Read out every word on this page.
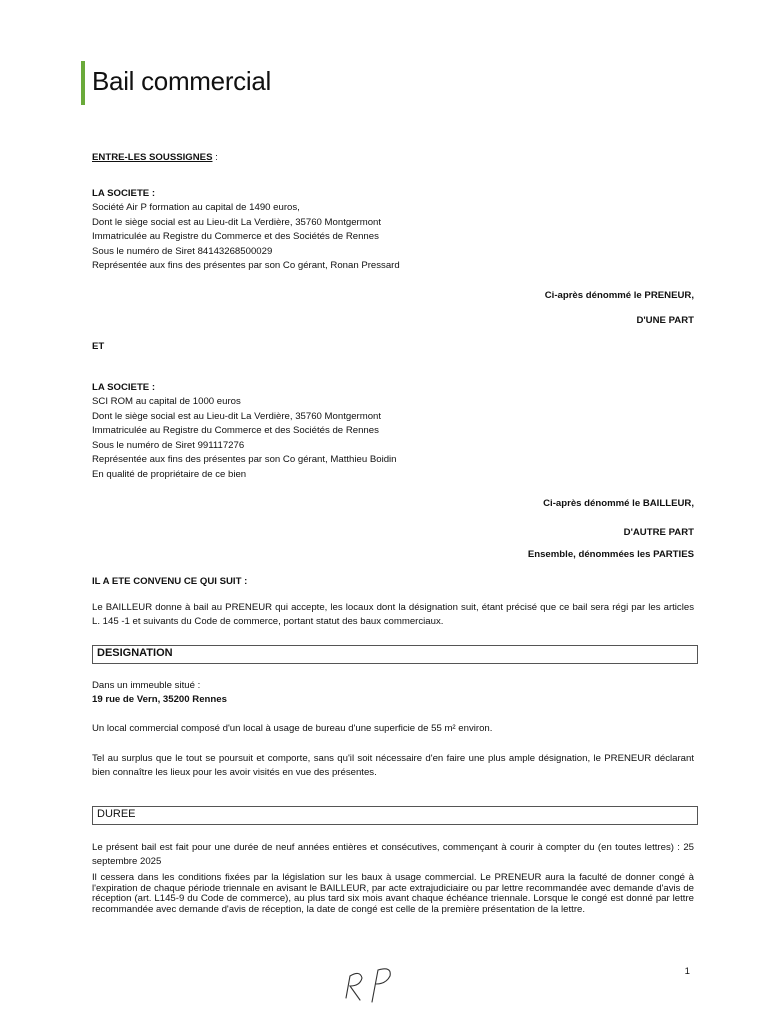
Bail commercial
ENTRE-LES SOUSSIGNES :
LA SOCIETE :
Société Air P formation au capital de 1490 euros,
Dont le siège social est au Lieu-dit La Verdière, 35760 Montgermont
Immatriculée au Registre du Commerce et des Sociétés de Rennes
Sous le numéro de Siret 84143268500029
Représentée aux fins des présentes par son Co gérant, Ronan Pressard
Ci-après dénommé le PRENEUR,
D'UNE PART
ET
LA SOCIETE :
SCI ROM au capital de 1000 euros
Dont le siège social est au Lieu-dit La Verdière, 35760 Montgermont
Immatriculée au Registre du Commerce et des Sociétés de Rennes
Sous le numéro de Siret 991117276
Représentée aux fins des présentes par son Co gérant, Matthieu Boidin
En qualité de propriétaire de ce bien
Ci-après dénommé le BAILLEUR,
D'AUTRE PART
Ensemble, dénommées les PARTIES
IL A ETE CONVENU CE QUI SUIT :
Le BAILLEUR donne à bail au PRENEUR qui accepte, les locaux dont la désignation suit, étant précisé que ce bail sera régi par les articles L. 145 -1 et suivants du Code de commerce, portant statut des baux commerciaux.
DESIGNATION
Dans un immeuble situé :
19 rue de Vern, 35200 Rennes
Un local commercial composé d'un local à usage de bureau d'une superficie de 55 m² environ.
Tel au surplus que le tout se poursuit et comporte, sans qu'il soit nécessaire d'en faire une plus ample désignation, le PRENEUR déclarant bien connaître les lieux pour les avoir visités en vue des présentes.
DUREE
Le présent bail est fait pour une durée de neuf années entières et consécutives, commençant à courir à compter du (en toutes lettres) : 25 septembre 2025
Il cessera dans les conditions fixées par la législation sur les baux à usage commercial. Le PRENEUR aura la faculté de donner congé à l'expiration de chaque période triennale en avisant le BAILLEUR, par acte extrajudiciaire ou par lettre recommandée avec demande d'avis de réception (art. L145-9 du Code de commerce), au plus tard six mois avant chaque échéance triennale. Lorsque le congé est donné par lettre recommandée avec demande d'avis de réception, la date de congé est celle de la première présentation de la lettre.
1
